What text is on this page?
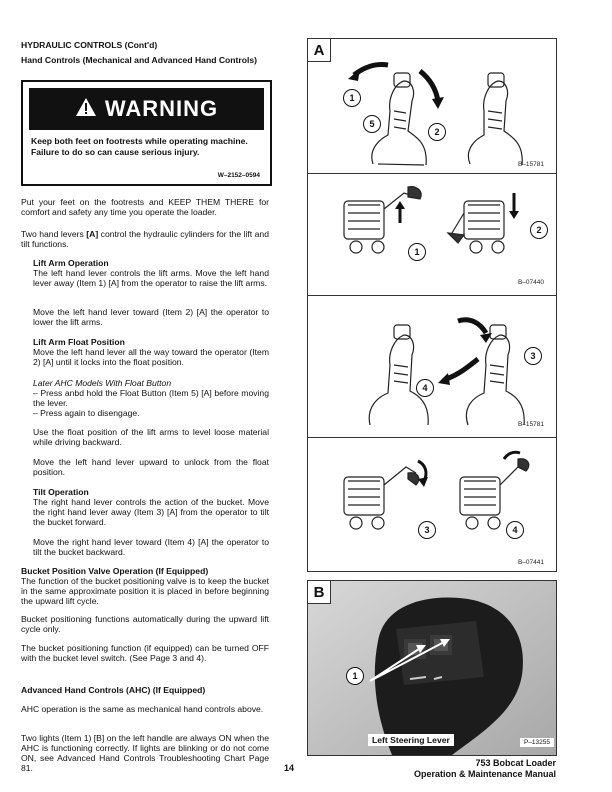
HYDRAULIC CONTROLS (Cont'd)
Hand Controls (Mechanical and Advanced Hand Controls)
WARNING
Keep both feet on footrests while operating machine. Failure to do so can cause serious injury.
W–2152–0594
Put your feet on the footrests and KEEP THEM THERE for comfort and safety any time you operate the loader.
Two hand levers [A] control the hydraulic cylinders for the lift and tilt functions.
Lift Arm Operation
The left hand lever controls the lift arms. Move the left hand lever away (Item 1) [A] from the operator to raise the lift arms.
Move the left hand lever toward (Item 2) [A] the operator to lower the lift arms.
Lift Arm Float Position
Move the left hand lever all the way toward the operator (Item 2) [A] until it locks into the float position.
Later AHC Models With Float Button
– Press anbd hold the Float Button (Item 5) [A] before moving the lever.
– Press again to disengage.
Use the float position of the lift arms to level loose material while driving backward.
Move the left hand lever upward to unlock from the float position.
Tilt Operation
The right hand lever controls the action of the bucket. Move the right hand lever away (Item 3) [A] from the operator to tilt the bucket forward.
Move the right hand lever toward (Item 4) [A] the operator to tilt the bucket backward.
Bucket Position Valve Operation (If Equipped)
The function of the bucket positioning valve is to keep the bucket in the same approximate position it is placed in before beginning the upward lift cycle.
Bucket positioning functions automatically during the upward lift cycle only.
The bucket positioning function (if equipped) can be turned OFF with the bucket level switch. (See Page 3 and 4).
Advanced Hand Controls (AHC) (If Equipped)
AHC operation is the same as mechanical hand controls above.
Two lights (Item 1) [B] on the left handle are always ON when the AHC is functioning correctly. If lights are blinking or do not come ON, see Advanced Hand Controls Troubleshooting Chart Page 81.
A
1
5
2
B–15781
1
2
B–07440
3
4
B–15781
3	4
B–07441
B
1
Left Steering Lever	P–13255
14	753 Bobcat Loader
Operation & Maintenance Manual
